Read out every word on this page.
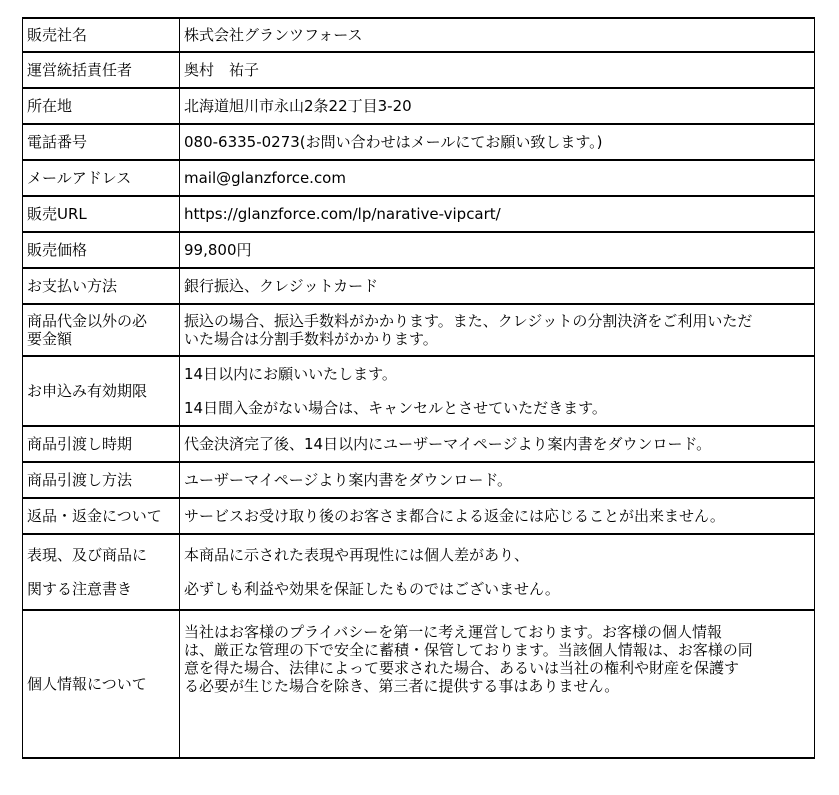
販売社名	株式会社グランツフォース
運営統括責任者	奥村　祐子
所在地	北海道旭川市永山2条22丁目3-20
電話番号	080-6335-0273(お問い合わせはメールにてお願い致します。)
メールアドレス	mail@glanzforce.com
販売URL	https://glanzforce.com/lp/narative-vipcart/
販売価格	99,800円
お支払い方法	銀行振込、クレジットカード

商品代金以外の必
要金額	振込の場合、振込手数料がかかります。また、クレジットの分割決済をご利用いただ
いた場合は分割手数料がかかります。

お申込み有効期限	14日以内にお願いいたします。
14日間入金がない場合は、キャンセルとさせていただきます。

商品引渡し時期	代金決済完了後、14日以内にユーザーマイページより案内書をダウンロード。
商品引渡し方法	ユーザーマイページより案内書をダウンロード。
返品・返金について	サービスお受け取り後のお客さま都合による返金には応じることが出来ません。

表現、及び商品に
関する注意書き	本商品に示された表現や再現性には個人差があり、
必ずしも利益や効果を保証したものではございません。

個人情報について	当社はお客様のプライバシーを第一に考え運営しております。お客様の個人情報
は、厳正な管理の下で安全に蓄積・保管しております。当該個人情報は、お客様の同
意を得た場合、法律によって要求された場合、あるいは当社の権利や財産を保護す
る必要が生じた場合を除き、第三者に提供する事はありません。
